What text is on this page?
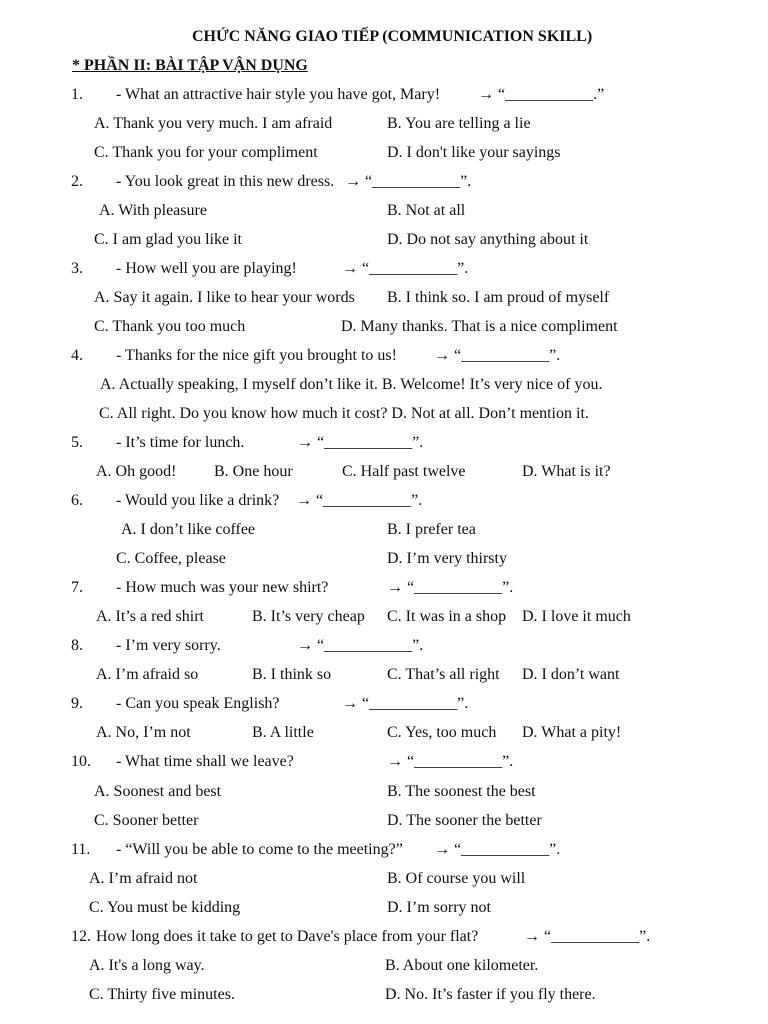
CHỨC NĂNG GIAO TIẾP (COMMUNICATION SKILL)
* PHẦN II: BÀI TẬP VẬN DỤNG
1. - What an attractive hair style you have got, Mary! → “___________.”
A. Thank you very much. I am afraid	B. You are telling a lie
C. Thank you for your compliment	D. I don't like your sayings
2. - You look great in this new dress. → “___________”.
A. With pleasure	B. Not at all
C. I am glad you like it	D. Do not say anything about it
3. - How well you are playing!	→ “___________”.
A. Say it again. I like to hear your words B. I think so. I am proud of myself
C. Thank you too much	D. Many thanks. That is a nice compliment
4. - Thanks for the nice gift you brought to us! → “___________”.
A. Actually speaking, I myself don’t like it. B. Welcome! It’s very nice of you.
C. All right. Do you know how much it cost? D. Not at all. Don’t mention it.
5. - It’s time for lunch.	→ “___________”.
A. Oh good! B. One hour	C. Half past twelve	D. What is it?
6. - Would you like a drink? → “___________”.
A. I don’t like coffee	B. I prefer tea
C. Coffee, please	D. I’m very thirsty
7. - How much was your new shirt?	→ “___________”.
A. It’s a red shirt	B. It’s very cheap C. It was in a shop D. I love it much
8. - I’m very sorry.	→ “___________”.
A. I’m afraid so	B. I think so	C. That’s all right D. I don’t want
9. - Can you speak English?	→ “___________”.
A. No, I’m not	B. A little	C. Yes, too much D. What a pity!
10. - What time shall we leave?	→ “___________”.
A. Soonest and best	B. The soonest the best
C. Sooner better	D. The sooner the better
11. - “Will you be able to come to the meeting?” → “___________”.
A. I’m afraid not	B. Of course you will
C. You must be kidding	D. I’m sorry not
12. How long does it take to get to Dave's place from your flat?	→ “___________”.
A. It's a long way.	B. About one kilometer.
C. Thirty five minutes.	D. No. It’s faster if you fly there.
